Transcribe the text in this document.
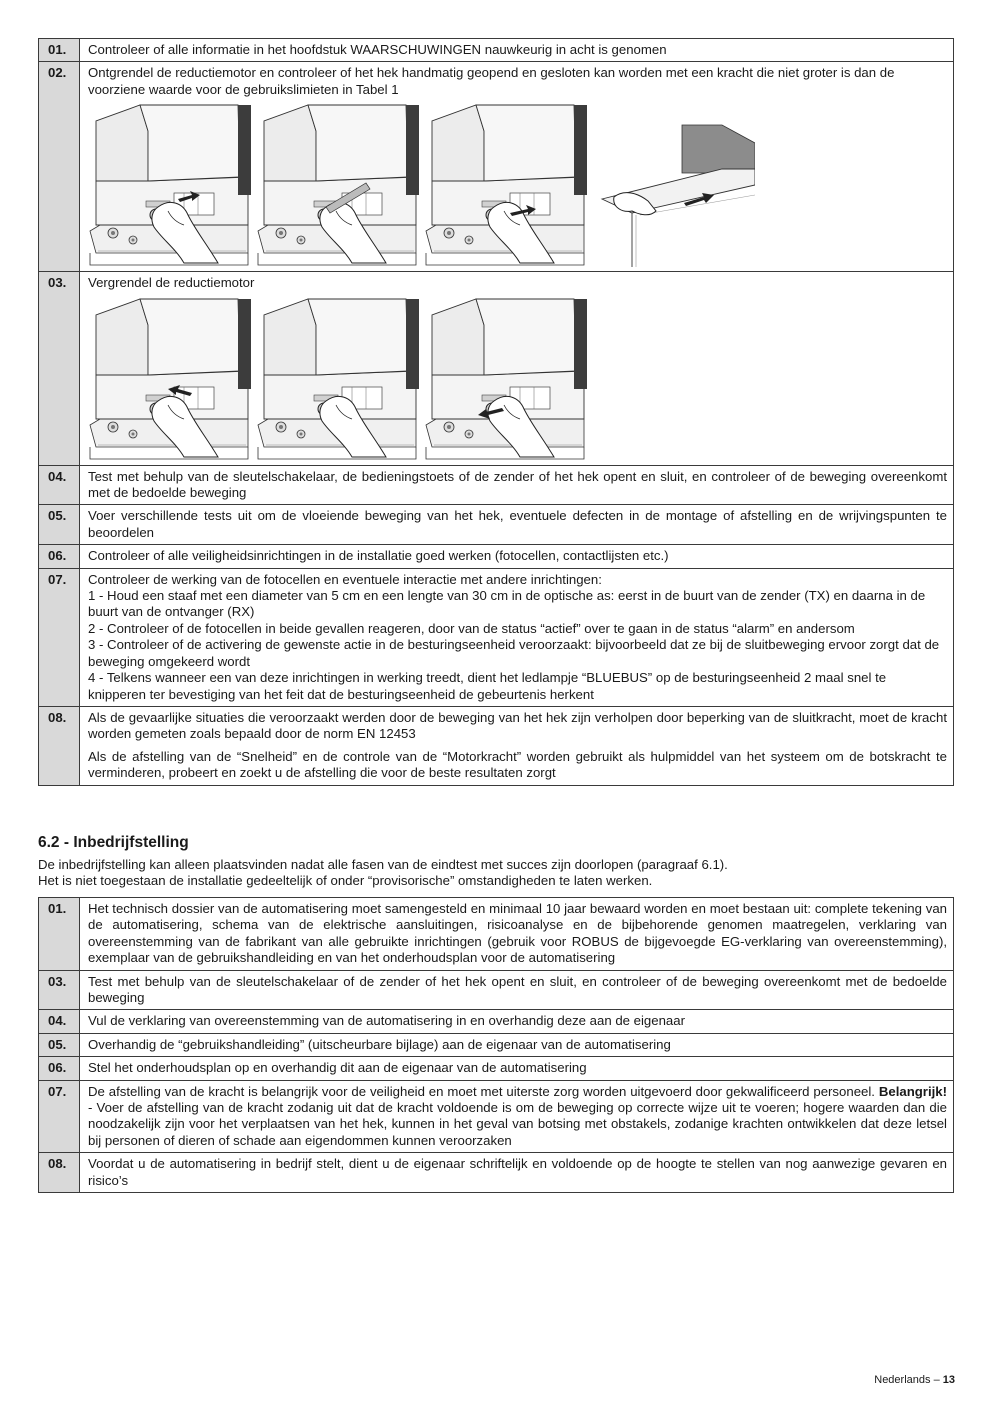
01.	Controleer of alle informatie in het hoofdstuk WAARSCHUWINGEN nauwkeurig in acht is genomen

02.	Ontgrendel de reductiemotor en controleer of het hek handmatig geopend en gesloten kan worden met een kracht die niet groter is dan de voorziene waarde voor de gebruikslimieten in Tabel 1

03.	Vergrendel de reductiemotor

04.	Test met behulp van de sleutelschakelaar, de bedieningstoets of de zender of het hek opent en sluit, en controleer of de beweging overeenkomt met de bedoelde beweging

05.	Voer verschillende tests uit om de vloeiende beweging van het hek, eventuele defecten in de montage of afstelling en de wrijvingspunten te beoordelen

06.	Controleer of alle veiligheidsinrichtingen in de installatie goed werken (fotocellen, contactlijsten etc.)

07.	Controleer de werking van de fotocellen en eventuele interactie met andere inrichtingen:
1 - Houd een staaf met een diameter van 5 cm en een lengte van 30 cm in de optische as: eerst in de buurt van de zender (TX) en daarna in de buurt van de ontvanger (RX)
2 - Controleer of de fotocellen in beide gevallen reageren, door van de status “actief” over te gaan in de status “alarm” en andersom
3 - Controleer of de activering de gewenste actie in de besturingseenheid veroorzaakt: bijvoorbeeld dat ze bij de sluitbeweging ervoor zorgt dat de beweging omgekeerd wordt
4 - Telkens wanneer een van deze inrichtingen in werking treedt, dient het ledlampje “BLUEBUS” op de besturingseenheid 2 maal snel te knipperen ter bevestiging van het feit dat de besturingseenheid de gebeurtenis herkent
08.	Als de gevaarlijke situaties die veroorzaakt werden door de beweging van het hek zijn verholpen door beperking van de sluitkracht, moet de kracht worden gemeten zoals bepaald door de norm EN 12453

Als de afstelling van de “Snelheid” en de controle van de “Motorkracht” worden gebruikt als hulpmiddel van het systeem om de botskracht te verminderen, probeert en zoekt u de afstelling die voor de beste resultaten zorgt

6.2 - Inbedrijfstelling

De inbedrijfstelling kan alleen plaatsvinden nadat alle fasen van de eindtest met succes zijn doorlopen (paragraaf 6.1).
Het is niet toegestaan de installatie gedeeltelijk of onder “provisorische” omstandigheden te laten werken.

01.	Het technisch dossier van de automatisering moet samengesteld en minimaal 10 jaar bewaard worden en moet bestaan uit: complete tekening van de automatisering, schema van de elektrische aansluitingen, risicoanalyse en de bijbehorende genomen maatregelen, verklaring van overeenstemming van de fabrikant van alle gebruikte inrichtingen (gebruik voor ROBUS de bijgevoegde EG-verklaring van overeenstemming), exemplaar van de gebruikshandleiding en van het onderhoudsplan voor de automatisering

03.	Test met behulp van de sleutelschakelaar of de zender of het hek opent en sluit, en controleer of de beweging overeenkomt met de bedoelde beweging

04.	Vul de verklaring van overeenstemming van de automatisering in en overhandig deze aan de eigenaar

05.	Overhandig de “gebruikshandleiding” (uitscheurbare bijlage) aan de eigenaar van de automatisering

06.	Stel het onderhoudsplan op en overhandig dit aan de eigenaar van de automatisering

07.	De afstelling van de kracht is belangrijk voor de veiligheid en moet met uiterste zorg worden uitgevoerd door gekwalificeerd personeel. Belangrijk! - Voer de afstelling van de kracht zodanig uit dat de kracht voldoende is om de beweging op correcte wijze uit te voeren; hogere waarden dan die noodzakelijk zijn voor het verplaatsen van het hek, kunnen in het geval van botsing met obstakels, zodanige krachten ontwikkelen dat deze letsel bij personen of dieren of schade aan eigendommen kunnen veroorzaken

08.	Voordat u de automatisering in bedrijf stelt, dient u de eigenaar schriftelijk en voldoende op de hoogte te stellen van nog aanwezige gevaren en risico’s

Nederlands – 13
